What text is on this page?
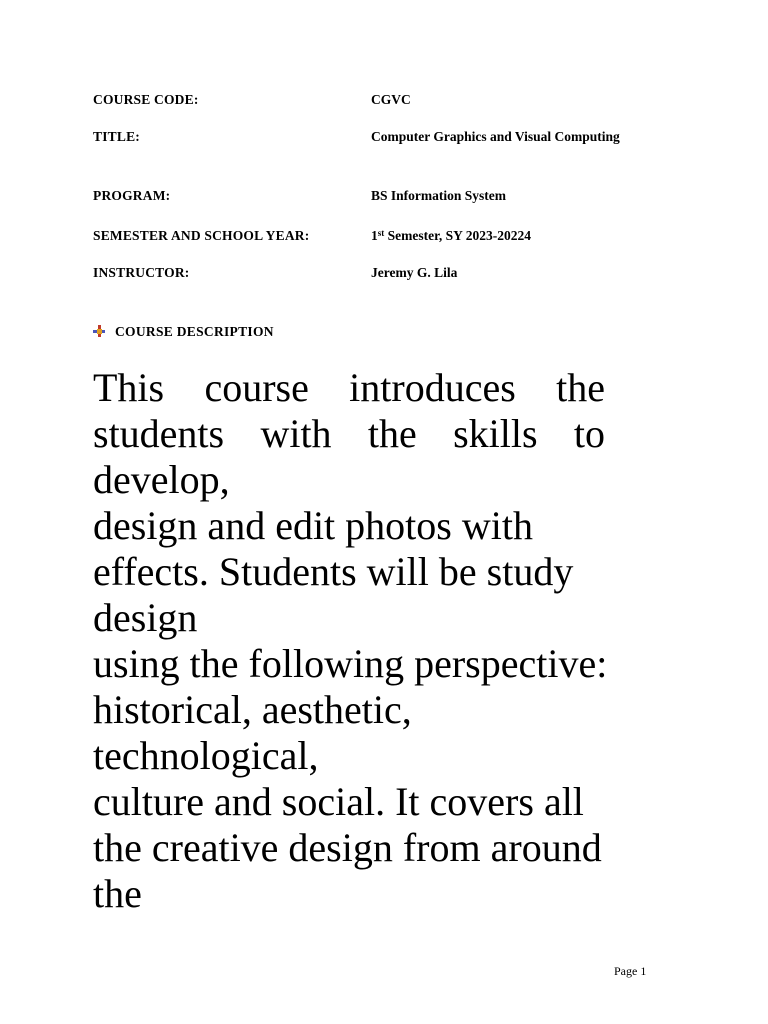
COURSE CODE:	CGVC
TITLE:	Computer Graphics and Visual Computing
PROGRAM:	BS Information System
SEMESTER AND SCHOOL YEAR:	1st Semester, SY 2023-20224
INSTRUCTOR:	Jeremy G. Lila
COURSE DESCRIPTION
This course introduces the
students with the skills to
develop,
design and edit photos with
effects. Students will be study
design
using the following perspective:
historical, aesthetic,
technological,
culture and social. It covers all
the creative design from around
the
Page 1
